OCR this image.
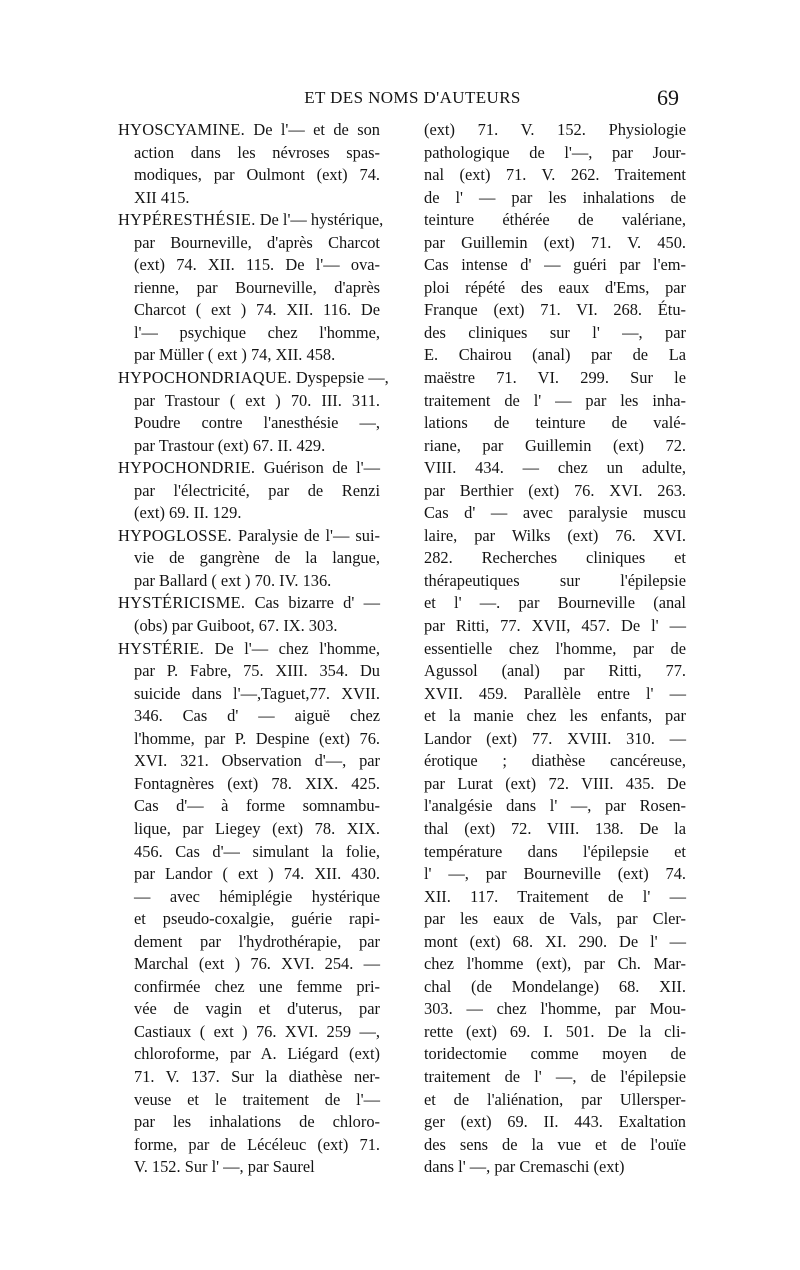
ET DES NOMS D'AUTEURS	69
HYOSCYAMINE. De l'— et de son
action dans les névroses spas-
modiques, par Oulmont (ext) 74.
XII 415.
HYPÉRESTHÉSIE. De l'— hystérique,
par Bourneville, d'après Charcot
(ext) 74. XII. 115. De l'— ova-
rienne, par Bourneville, d'après
Charcot ( ext ) 74. XII. 116. De
l'— psychique chez l'homme,
par Müller ( ext ) 74, XII. 458.
HYPOCHONDRIAQUE. Dyspepsie —,
par Trastour ( ext ) 70. III. 311.
Poudre contre l'anesthésie —,
par Trastour (ext) 67. II. 429.
HYPOCHONDRIE. Guérison de l'—
par l'électricité, par de Renzi
(ext) 69. II. 129.
HYPOGLOSSE. Paralysie de l'— sui-
vie de gangrène de la langue,
par Ballard ( ext ) 70. IV. 136.
HYSTÉRICISME. Cas bizarre d' —
(obs) par Guiboot, 67. IX. 303.
HYSTÉRIE. De l'— chez l'homme,
par P. Fabre, 75. XIII. 354. Du
suicide dans l'—,Taguet,77. XVII.
346. Cas d' — aiguë chez
l'homme, par P. Despine (ext) 76.
XVI. 321. Observation d'—, par
Fontagnères (ext) 78. XIX. 425.
Cas d'— à forme somnambu-
lique, par Liegey (ext) 78. XIX.
456. Cas d'— simulant la folie,
par Landor ( ext ) 74. XII. 430.
— avec hémiplégie hystérique
et pseudo-coxalgie, guérie rapi-
dement par l'hydrothérapie, par
Marchal (ext ) 76. XVI. 254. —
confirmée chez une femme pri-
vée de vagin et d'uterus, par
Castiaux ( ext ) 76. XVI. 259 —,
chloroforme, par A. Liégard (ext)
71. V. 137. Sur la diathèse ner-
veuse et le traitement de l'—
par les inhalations de chloro-
forme, par de Lécéleuc (ext) 71.
V. 152. Sur l' —, par Saurel
(ext) 71. V. 152. Physiologie
pathologique de l'—, par Jour-
nal (ext) 71. V. 262. Traitement
de l' — par les inhalations de
teinture éthérée de valériane,
par Guillemin (ext) 71. V. 450.
Cas intense d' — guéri par l'em-
ploi répété des eaux d'Ems, par
Franque (ext) 71. VI. 268. Étu-
des cliniques sur l' —, par
E. Chairou (anal) par de La
maëstre 71. VI. 299. Sur le
traitement de l' — par les inha-
lations de teinture de valé-
riane, par Guillemin (ext) 72.
VIII. 434. — chez un adulte,
par Berthier (ext) 76. XVI. 263.
Cas d' — avec paralysie muscu
laire, par Wilks (ext) 76. XVI.
282. Recherches cliniques et
thérapeutiques sur l'épilepsie
et l' —. par Bourneville (anal
par Ritti, 77. XVII, 457. De l' —
essentielle chez l'homme, par de
Agussol (anal) par Ritti, 77.
XVII. 459. Parallèle entre l' —
et la manie chez les enfants, par
Landor (ext) 77. XVIII. 310. —
érotique ; diathèse cancéreuse,
par Lurat (ext) 72. VIII. 435. De
l'analgésie dans l' —, par Rosen-
thal (ext) 72. VIII. 138. De la
température dans l'épilepsie et
l' —, par Bourneville (ext) 74.
XII. 117. Traitement de l' —
par les eaux de Vals, par Cler-
mont (ext) 68. XI. 290. De l' —
chez l'homme (ext), par Ch. Mar-
chal (de Mondelange) 68. XII.
303. — chez l'homme, par Mou-
rette (ext) 69. I. 501. De la cli-
toridectomie comme moyen de
traitement de l' —, de l'épilepsie
et de l'aliénation, par Ullersper-
ger (ext) 69. II. 443. Exaltation
des sens de la vue et de l'ouïe
dans l' —, par Cremaschi (ext)
